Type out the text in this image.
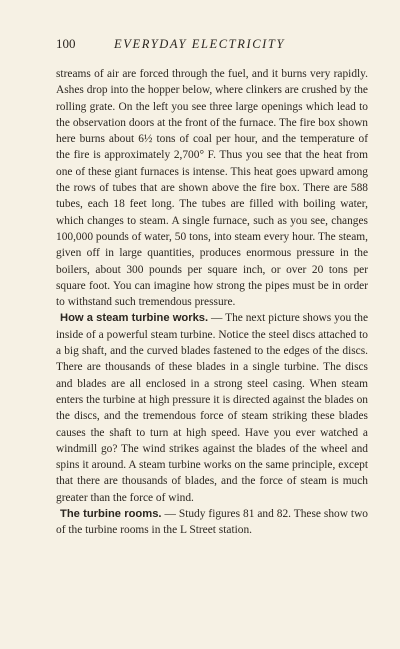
100	EVERYDAY ELECTRICITY

streams of air are forced through the fuel, and it burns very rapidly. Ashes drop into the hopper below, where clinkers are crushed by the rolling grate. On the left you see three large openings which lead to the observation doors at the front of the furnace. The fire box shown here burns about 6½ tons of coal per hour, and the temperature of the fire is approximately 2,700° F. Thus you see that the heat from one of these giant furnaces is intense. This heat goes upward among the rows of tubes that are shown above the fire box. There are 588 tubes, each 18 feet long. The tubes are filled with boiling water, which changes to steam. A single furnace, such as you see, changes 100,000 pounds of water, 50 tons, into steam every hour. The steam, given off in large quantities, produces enormous pressure in the boilers, about 300 pounds per square inch, or over 20 tons per square foot. You can imagine how strong the pipes must be in order to withstand such tremendous pressure.

How a steam turbine works. — The next picture shows you the inside of a powerful steam turbine. Notice the steel discs attached to a big shaft, and the curved blades fastened to the edges of the discs. There are thousands of these blades in a single turbine. The discs and blades are all enclosed in a strong steel casing. When steam enters the turbine at high pressure it is directed against the blades on the discs, and the tremendous force of steam striking these blades causes the shaft to turn at high speed. Have you ever watched a windmill go? The wind strikes against the blades of the wheel and spins it around. A steam turbine works on the same principle, except that there are thousands of blades, and the force of steam is much greater than the force of wind.

The turbine rooms. — Study figures 81 and 82. These show two of the turbine rooms in the L Street station.
